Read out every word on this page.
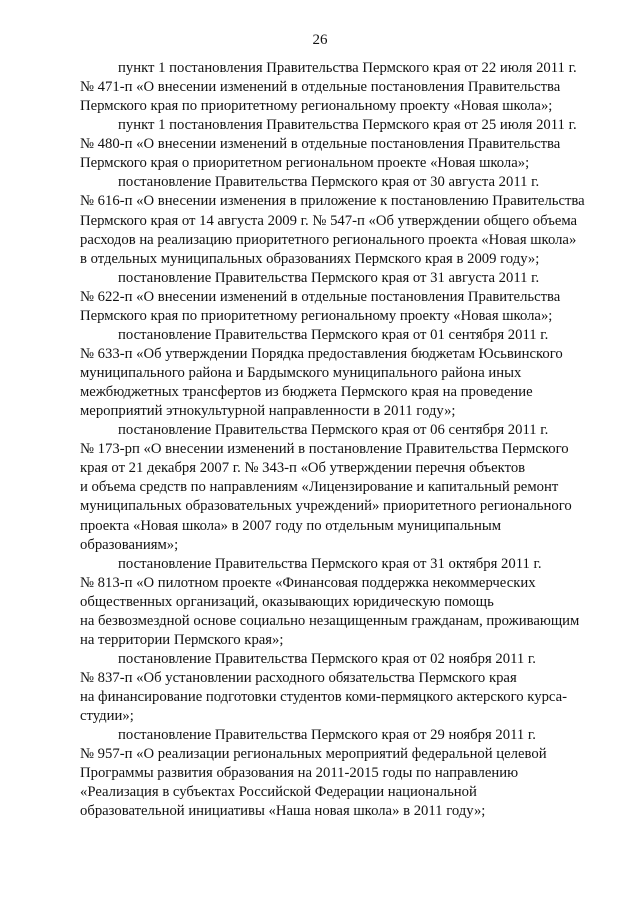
26

пункт 1 постановления Правительства Пермского края от 22 июля 2011 г.
№ 471-п «О внесении изменений в отдельные постановления Правительства
Пермского края по приоритетному региональному проекту «Новая школа»;

пункт 1 постановления Правительства Пермского края от 25 июля 2011 г.
№ 480-п «О внесении изменений в отдельные постановления Правительства
Пермского края о приоритетном региональном проекте «Новая школа»;

постановление Правительства Пермского края от 30 августа 2011 г.
№ 616-п «О внесении изменения в приложение к постановлению Правительства
Пермского края от 14 августа 2009 г. № 547-п «Об утверждении общего объема
расходов на реализацию приоритетного регионального проекта «Новая школа»
в отдельных муниципальных образованиях Пермского края в 2009 году»;

постановление Правительства Пермского края от 31 августа 2011 г.
№ 622-п «О внесении изменений в отдельные постановления Правительства
Пермского края по приоритетному региональному проекту «Новая школа»;

постановление Правительства Пермского края от 01 сентября 2011 г.
№ 633-п «Об утверждении Порядка предоставления бюджетам Юсьвинского
муниципального района и Бардымского муниципального района иных
межбюджетных трансфертов из бюджета Пермского края на проведение
мероприятий этнокультурной направленности в 2011 году»;

постановление Правительства Пермского края от 06 сентября 2011 г.
№ 173-рп «О внесении изменений в постановление Правительства Пермского
края от 21 декабря 2007 г. № 343-п «Об утверждении перечня объектов
и объема средств по направлениям «Лицензирование и капитальный ремонт
муниципальных образовательных учреждений» приоритетного регионального
проекта «Новая школа» в 2007 году по отдельным муниципальным
образованиям»;

постановление Правительства Пермского края от 31 октября 2011 г.
№ 813-п «О пилотном проекте «Финансовая поддержка некоммерческих
общественных организаций, оказывающих юридическую помощь
на безвозмездной основе социально незащищенным гражданам, проживающим
на территории Пермского края»;

постановление Правительства Пермского края от 02 ноября 2011 г.
№ 837-п «Об установлении расходного обязательства Пермского края
на финансирование подготовки студентов коми-пермяцкого актерского курса-
студии»;

постановление Правительства Пермского края от 29 ноября 2011 г.
№ 957-п «О реализации региональных мероприятий федеральной целевой
Программы развития образования на 2011-2015 годы по направлению
«Реализация в субъектах Российской Федерации национальной
образовательной инициативы «Наша новая школа» в 2011 году»;
